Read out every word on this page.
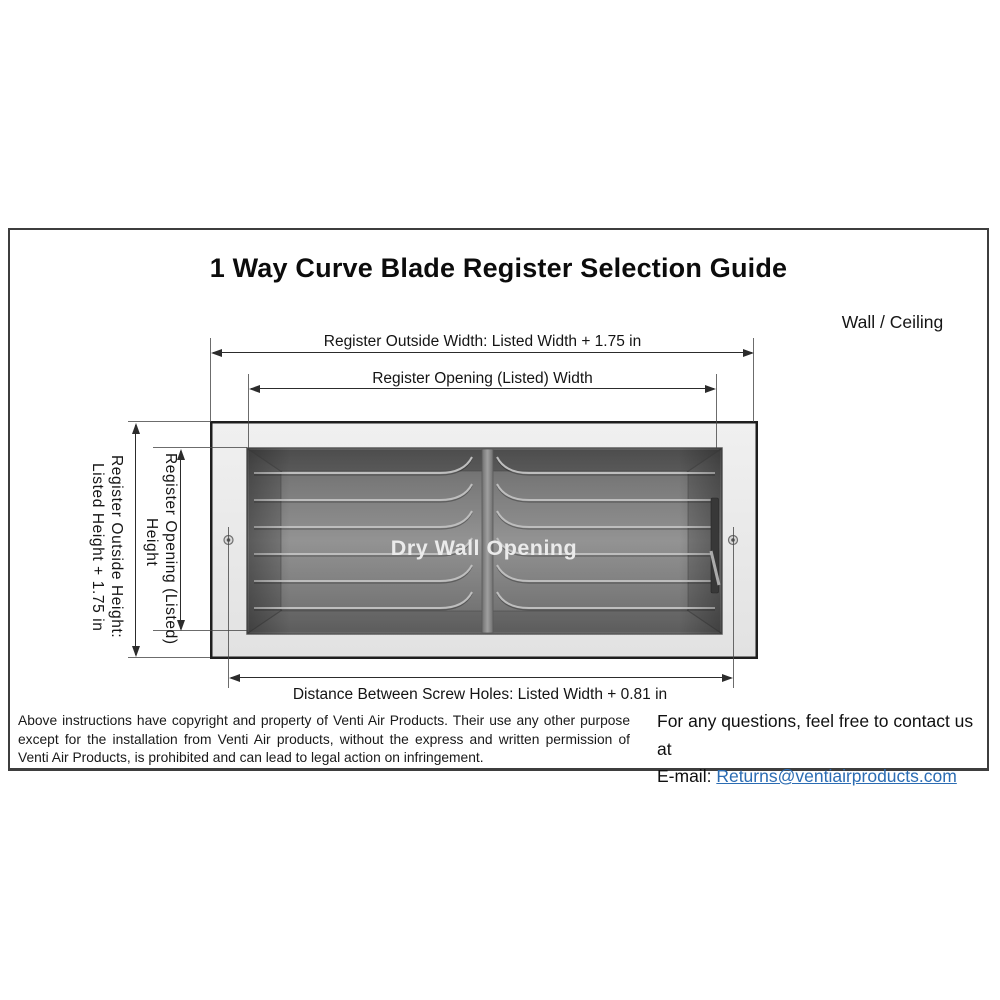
1 Way Curve Blade Register Selection Guide
Wall / Ceiling
Register Outside Width: Listed Width + 1.75 in
Register Opening (Listed) Width
Register Outside Height:
Listed Height + 1.75 in	Register Opening (Listed)
Height	Dry Wall Opening
Distance Between Screw Holes: Listed Width + 0.81 in
Above instructions have copyright and property of Venti Air Products. Their use any other purpose except for the installation from Venti Air products, without the express and written permission of Venti Air Products, is prohibited and can lead to legal action on infringement.
For any questions, feel free to contact us at
E-mail: Returns@ventiairproducts.com
